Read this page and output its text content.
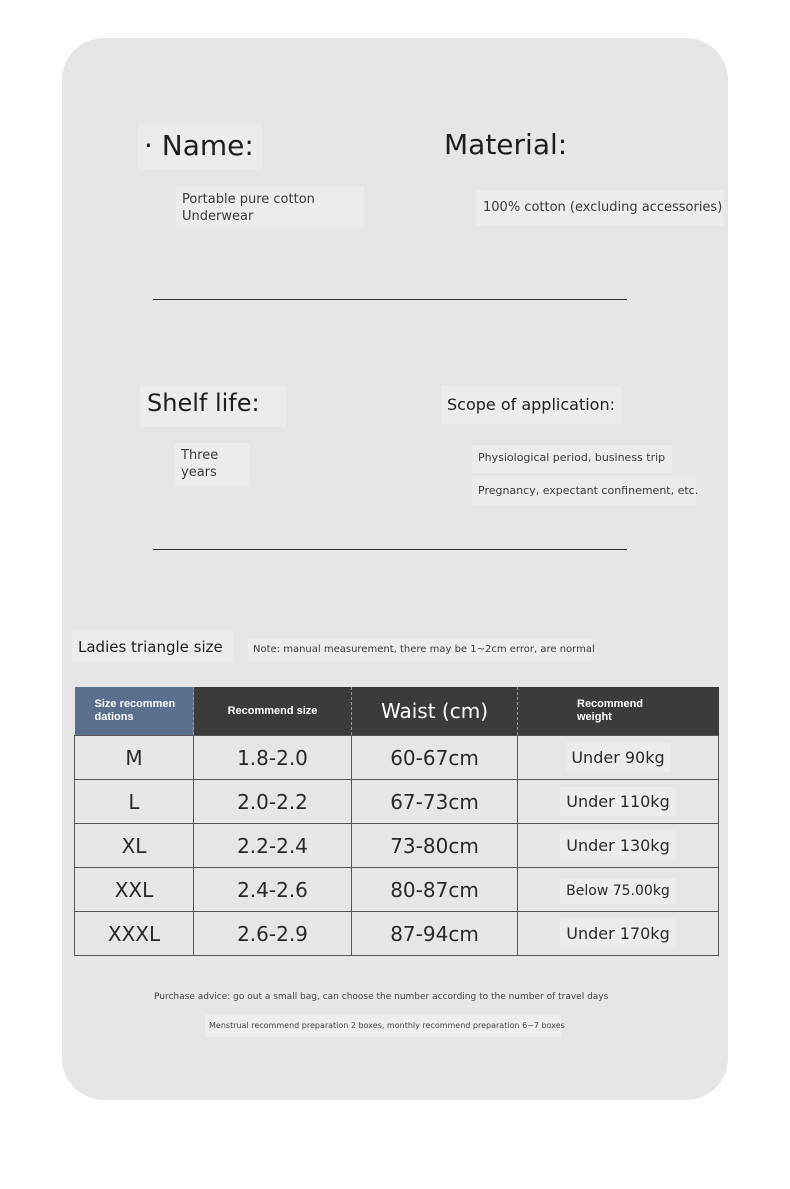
· Name:
Portable pure cotton
Underwear
Material:
100% cotton (excluding accessories)
Shelf life:
Three
years
Scope of application:
Physiological period, business trip
Pregnancy, expectant confinement, etc.
Ladies triangle size	Note: manual measurement, there may be 1~2cm error, are normal
Size recommen
dations	Recommend size	Waist (cm)	Recommend
weight

M	1.8-2.0	60-67cm	Under 90kg
L	2.0-2.2	67-73cm	Under 110kg
XL	2.2-2.4	73-80cm	Under 130kg
XXL	2.4-2.6	80-87cm	Below 75.00kg
XXXL	2.6-2.9	87-94cm	Under 170kg
Purchase advice: go out a small bag, can choose the number according to the number of travel days
Menstrual recommend preparation 2 boxes, monthly recommend preparation 6~7 boxes
